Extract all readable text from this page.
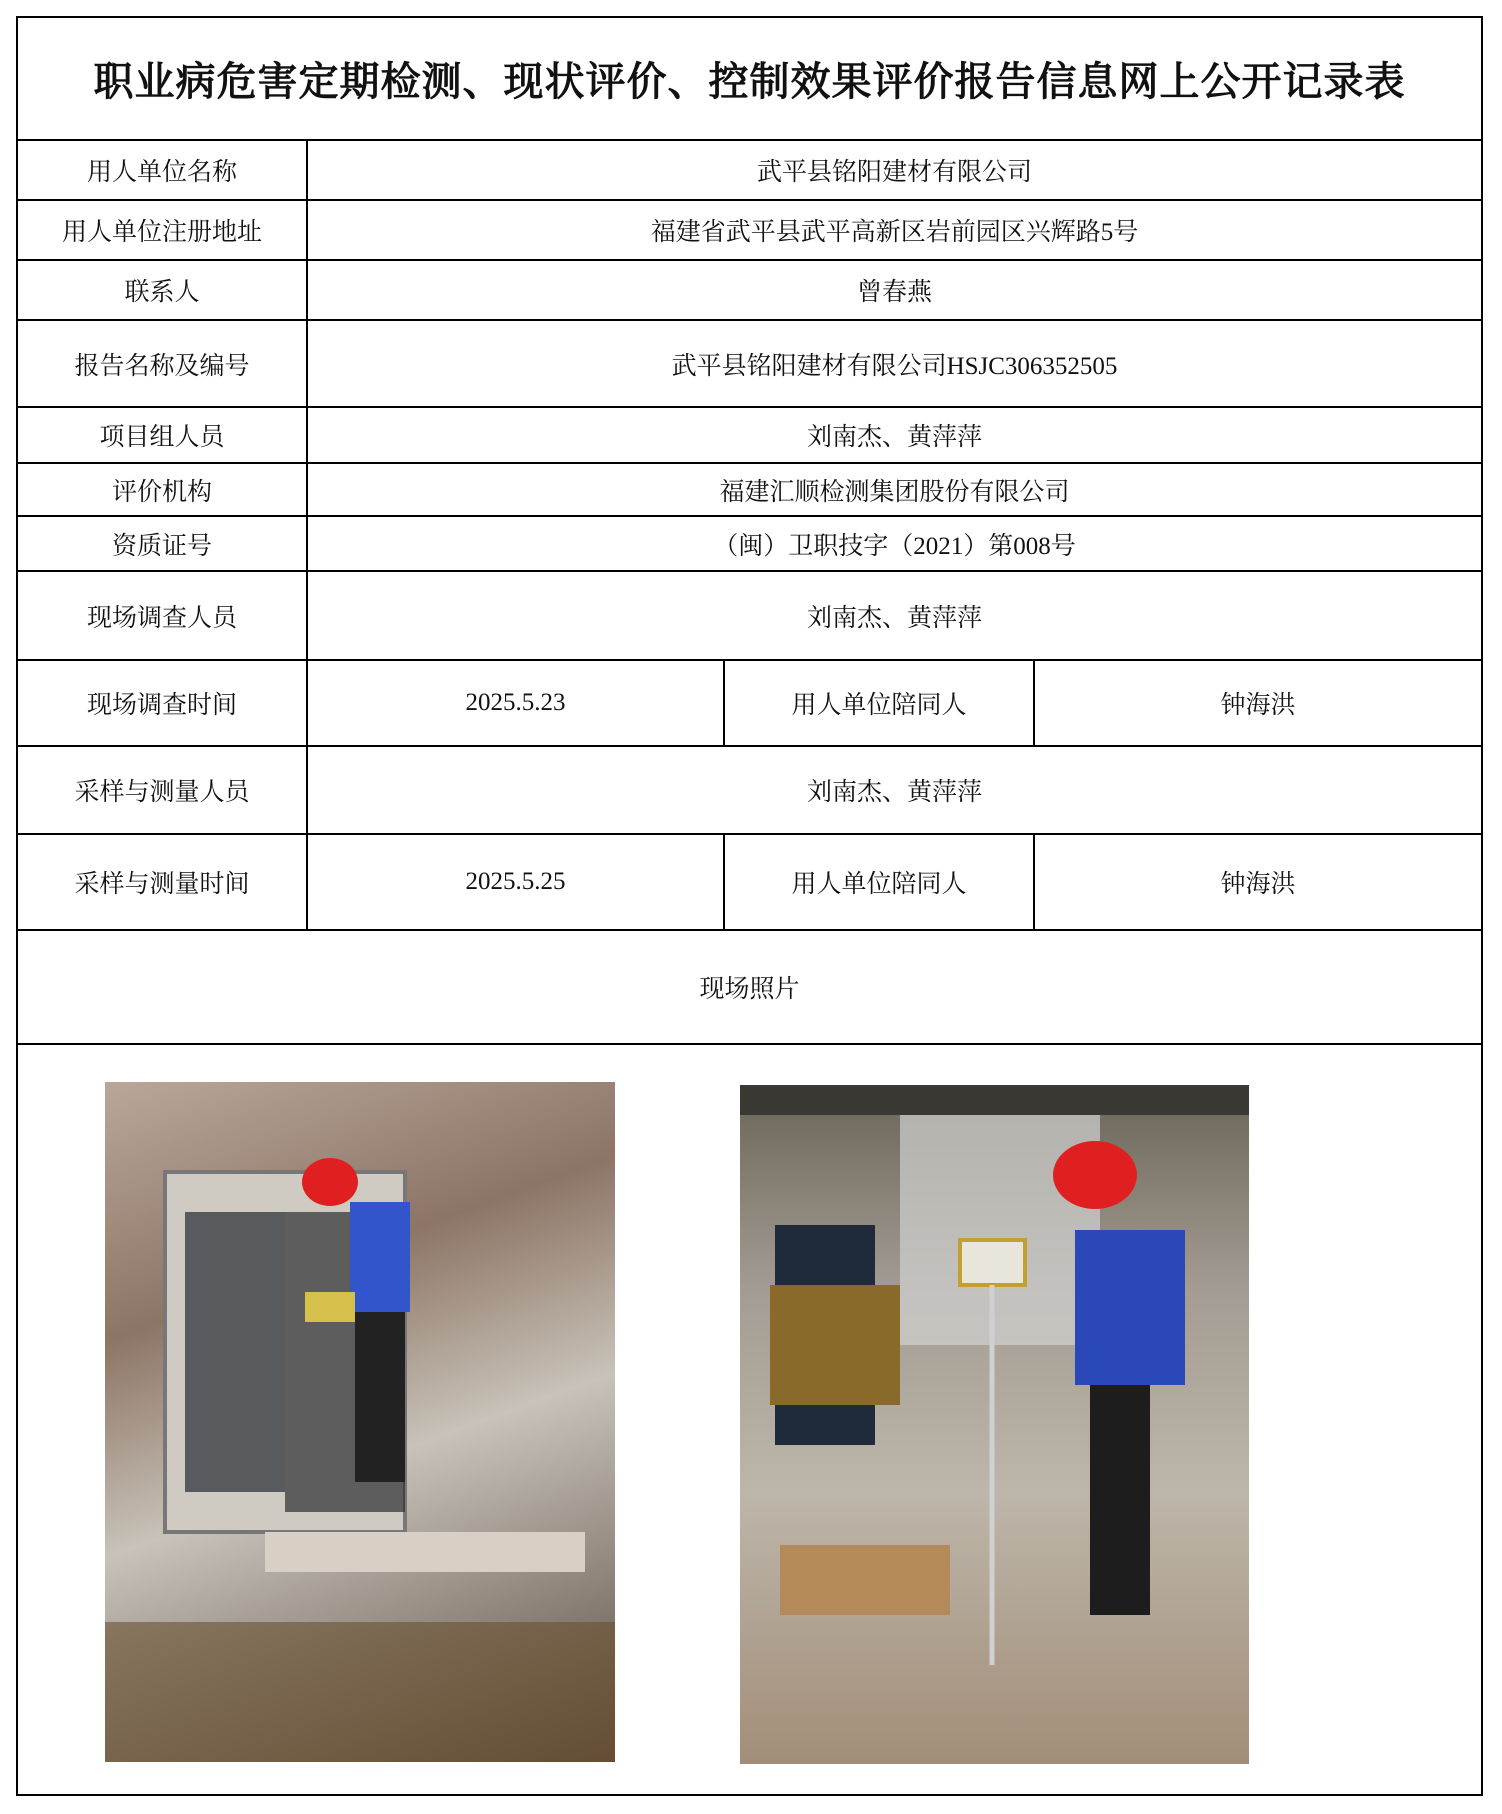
职业病危害定期检测、现状评价、控制效果评价报告信息网上公开记录表
用人单位名称	武平县铭阳建材有限公司
用人单位注册地址	福建省武平县武平高新区岩前园区兴辉路5号
联系人	曾春燕
报告名称及编号	武平县铭阳建材有限公司HSJC306352505
项目组人员	刘南杰、黄萍萍
评价机构	福建汇顺检测集团股份有限公司
资质证号	（闽）卫职技字（2021）第008号
现场调查人员	刘南杰、黄萍萍
现场调查时间	2025.5.23	用人单位陪同人	钟海洪
采样与测量人员	刘南杰、黄萍萍
采样与测量时间	2025.5.25	用人单位陪同人	钟海洪
现场照片
